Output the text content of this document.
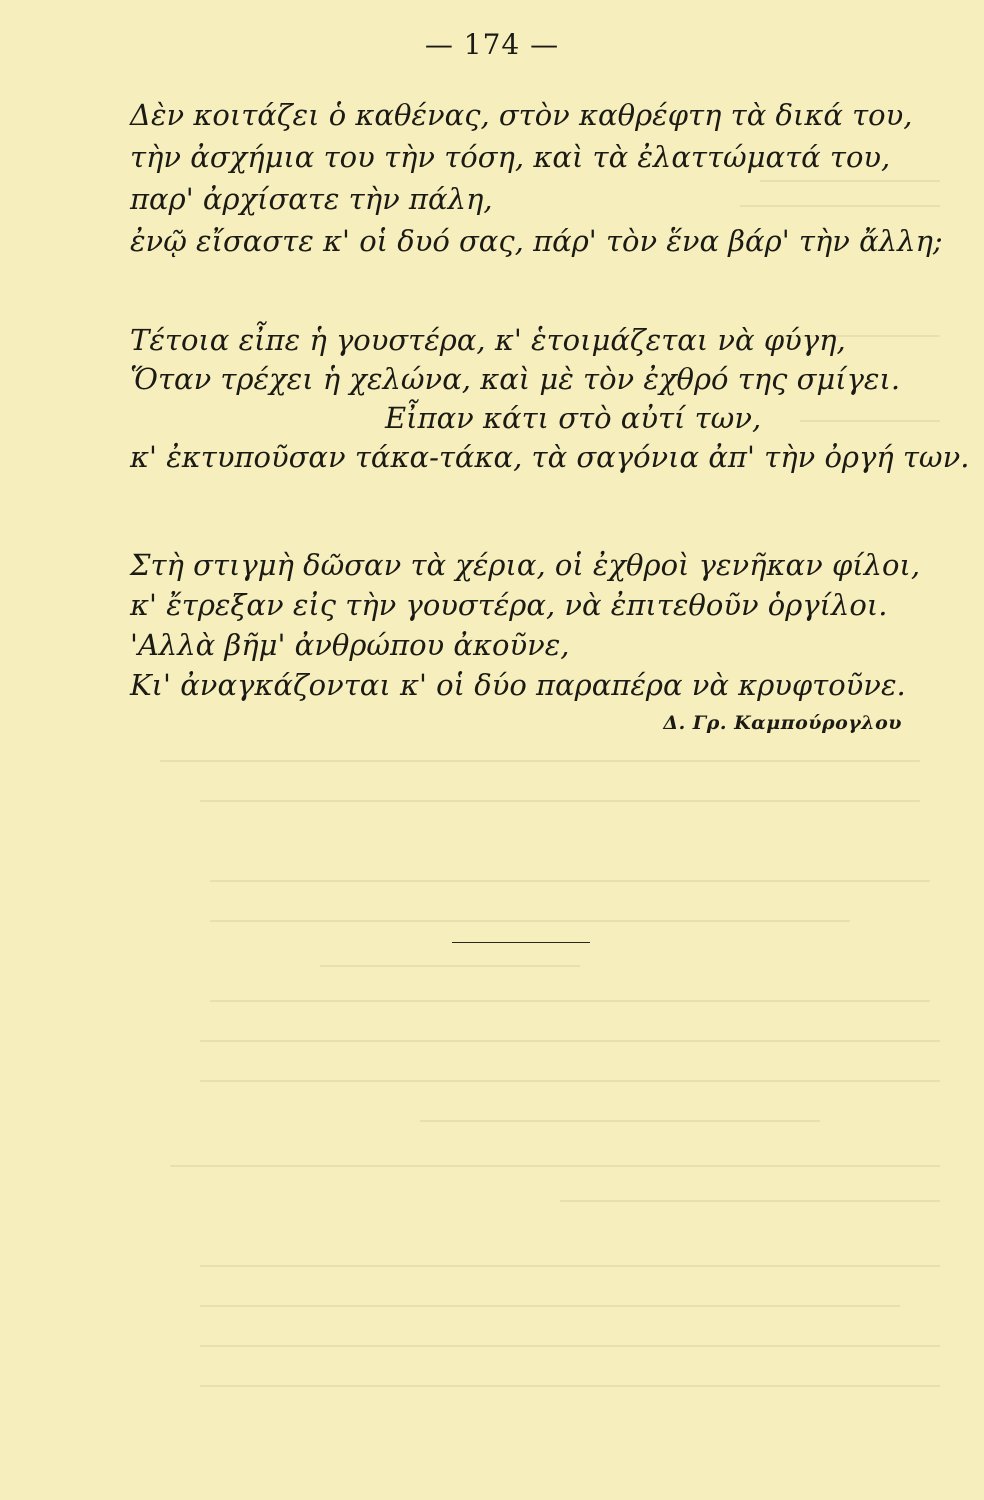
— 174 —
Δὲν κοιτάζει ὁ καθένας, στὸν καθρέφτη τὰ δικά του,
τὴν ἀσχήμια του τὴν τόση, καὶ τὰ ἐλαττώματά του,
παρ' ἀρχίσατε τὴν πάλη,
ἐνῷ εἴσαστε κ' οἱ δυό σας, πάρ' τὸν ἕνα βάρ' τὴν ἄλλη;
Τέτοια εἶπε ἡ γουστέρα, κ' ἑτοιμάζεται νὰ φύγη,
Ὅταν τρέχει ἡ χελώνα, καὶ μὲ τὸν ἐχθρό της σμίγει.
Εἶπαν κάτι στὸ αὐτί των,
κ' ἐκτυποῦσαν τάκα-τάκα, τὰ σαγόνια ἀπ' τὴν ὀργή των.
Στὴ στιγμὴ δῶσαν τὰ χέρια, οἱ ἐχθροὶ γενῆκαν φίλοι,
κ' ἔτρεξαν εἰς τὴν γουστέρα, νὰ ἐπιτεθοῦν ὁργίλοι.
'Αλλὰ βῆμ' ἀνθρώπου ἀκοῦνε,
Κι' ἀναγκάζονται κ' οἱ δύο παραπέρα νὰ κρυφτοῦνε.
Δ. Γρ. Καμπούρογλου
